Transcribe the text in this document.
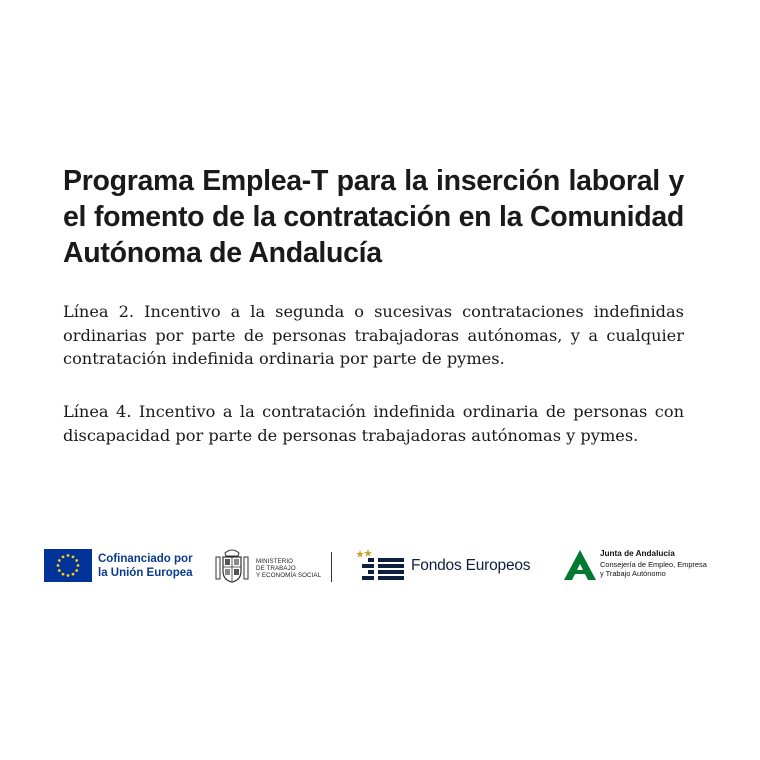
Programa Emplea-T para la inserción laboral y el fomento de la contratación en la Comunidad Autónoma de Andalucía

Línea 2. Incentivo a la segunda o sucesivas contrataciones indefinidas ordinarias por parte de personas trabajadoras autónomas, y a cualquier contratación indefinida ordinaria por parte de pymes.

Línea 4. Incentivo a la contratación indefinida ordinaria de personas con discapacidad por parte de personas trabajadoras autónomas y pymes.

Cofinanciado por
la Unión Europea
MINISTERIO
DE TRABAJO
Y ECONOMÍA SOCIAL
Fondos Europeos
Junta de Andalucía
Consejería de Empleo, Empresa
y Trabajo Autónomo
